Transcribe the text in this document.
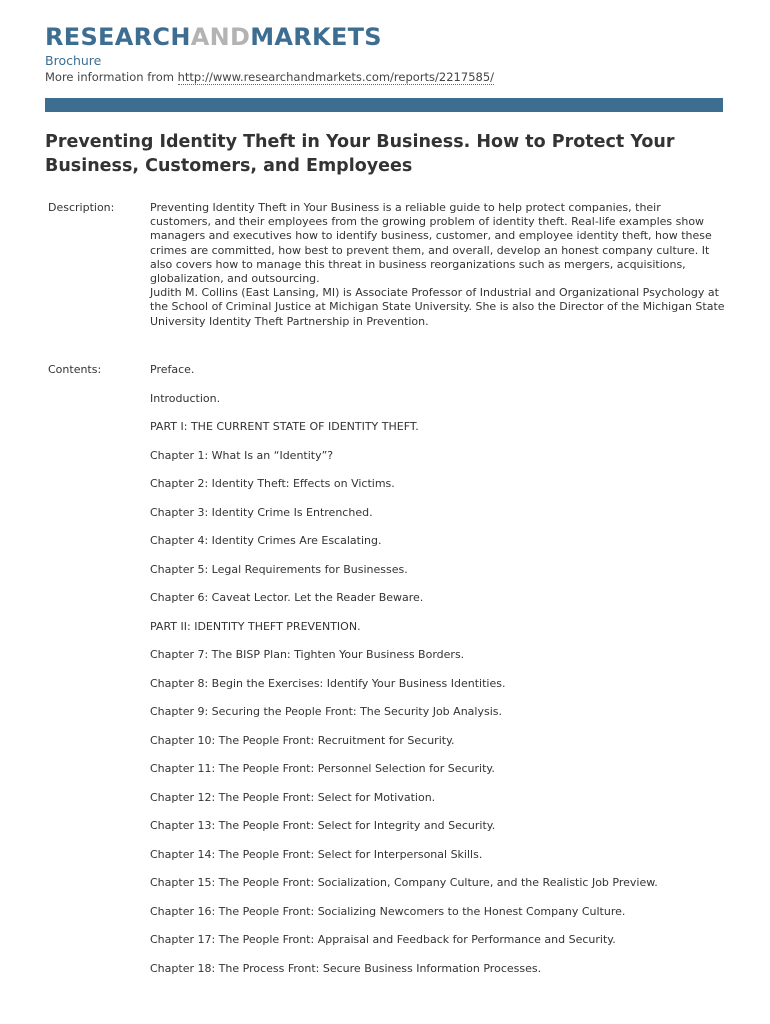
RESEARCHANDMARKETS
Brochure
More information from http://www.researchandmarkets.com/reports/2217585/
Preventing Identity Theft in Your Business. How to Protect Your Business, Customers, and Employees
Description:	Preventing Identity Theft in Your Business is a reliable guide to help protect companies, their customers, and their employees from the growing problem of identity theft. Real-life examples show managers and executives how to identify business, customer, and employee identity theft, how these crimes are committed, how best to prevent them, and overall, develop an honest company culture. It also covers how to manage this threat in business reorganizations such as mergers, acquisitions, globalization, and outsourcing.

Judith M. Collins (East Lansing, MI) is Associate Professor of Industrial and Organizational Psychology at the School of Criminal Justice at Michigan State University. She is also the Director of the Michigan State University Identity Theft Partnership in Prevention.

Contents:	Preface.
Introduction.
PART I: THE CURRENT STATE OF IDENTITY THEFT.
Chapter 1: What Is an “Identity”?
Chapter 2: Identity Theft: Effects on Victims.
Chapter 3: Identity Crime Is Entrenched.
Chapter 4: Identity Crimes Are Escalating.
Chapter 5: Legal Requirements for Businesses.
Chapter 6: Caveat Lector. Let the Reader Beware.
PART II: IDENTITY THEFT PREVENTION.
Chapter 7: The BISP Plan: Tighten Your Business Borders.
Chapter 8: Begin the Exercises: Identify Your Business Identities.
Chapter 9: Securing the People Front: The Security Job Analysis.
Chapter 10: The People Front: Recruitment for Security.
Chapter 11: The People Front: Personnel Selection for Security.
Chapter 12: The People Front: Select for Motivation.
Chapter 13: The People Front: Select for Integrity and Security.
Chapter 14: The People Front: Select for Interpersonal Skills.
Chapter 15: The People Front: Socialization, Company Culture, and the Realistic Job Preview.
Chapter 16: The People Front: Socializing Newcomers to the Honest Company Culture.
Chapter 17: The People Front: Appraisal and Feedback for Performance and Security.
Chapter 18: The Process Front: Secure Business Information Processes.
